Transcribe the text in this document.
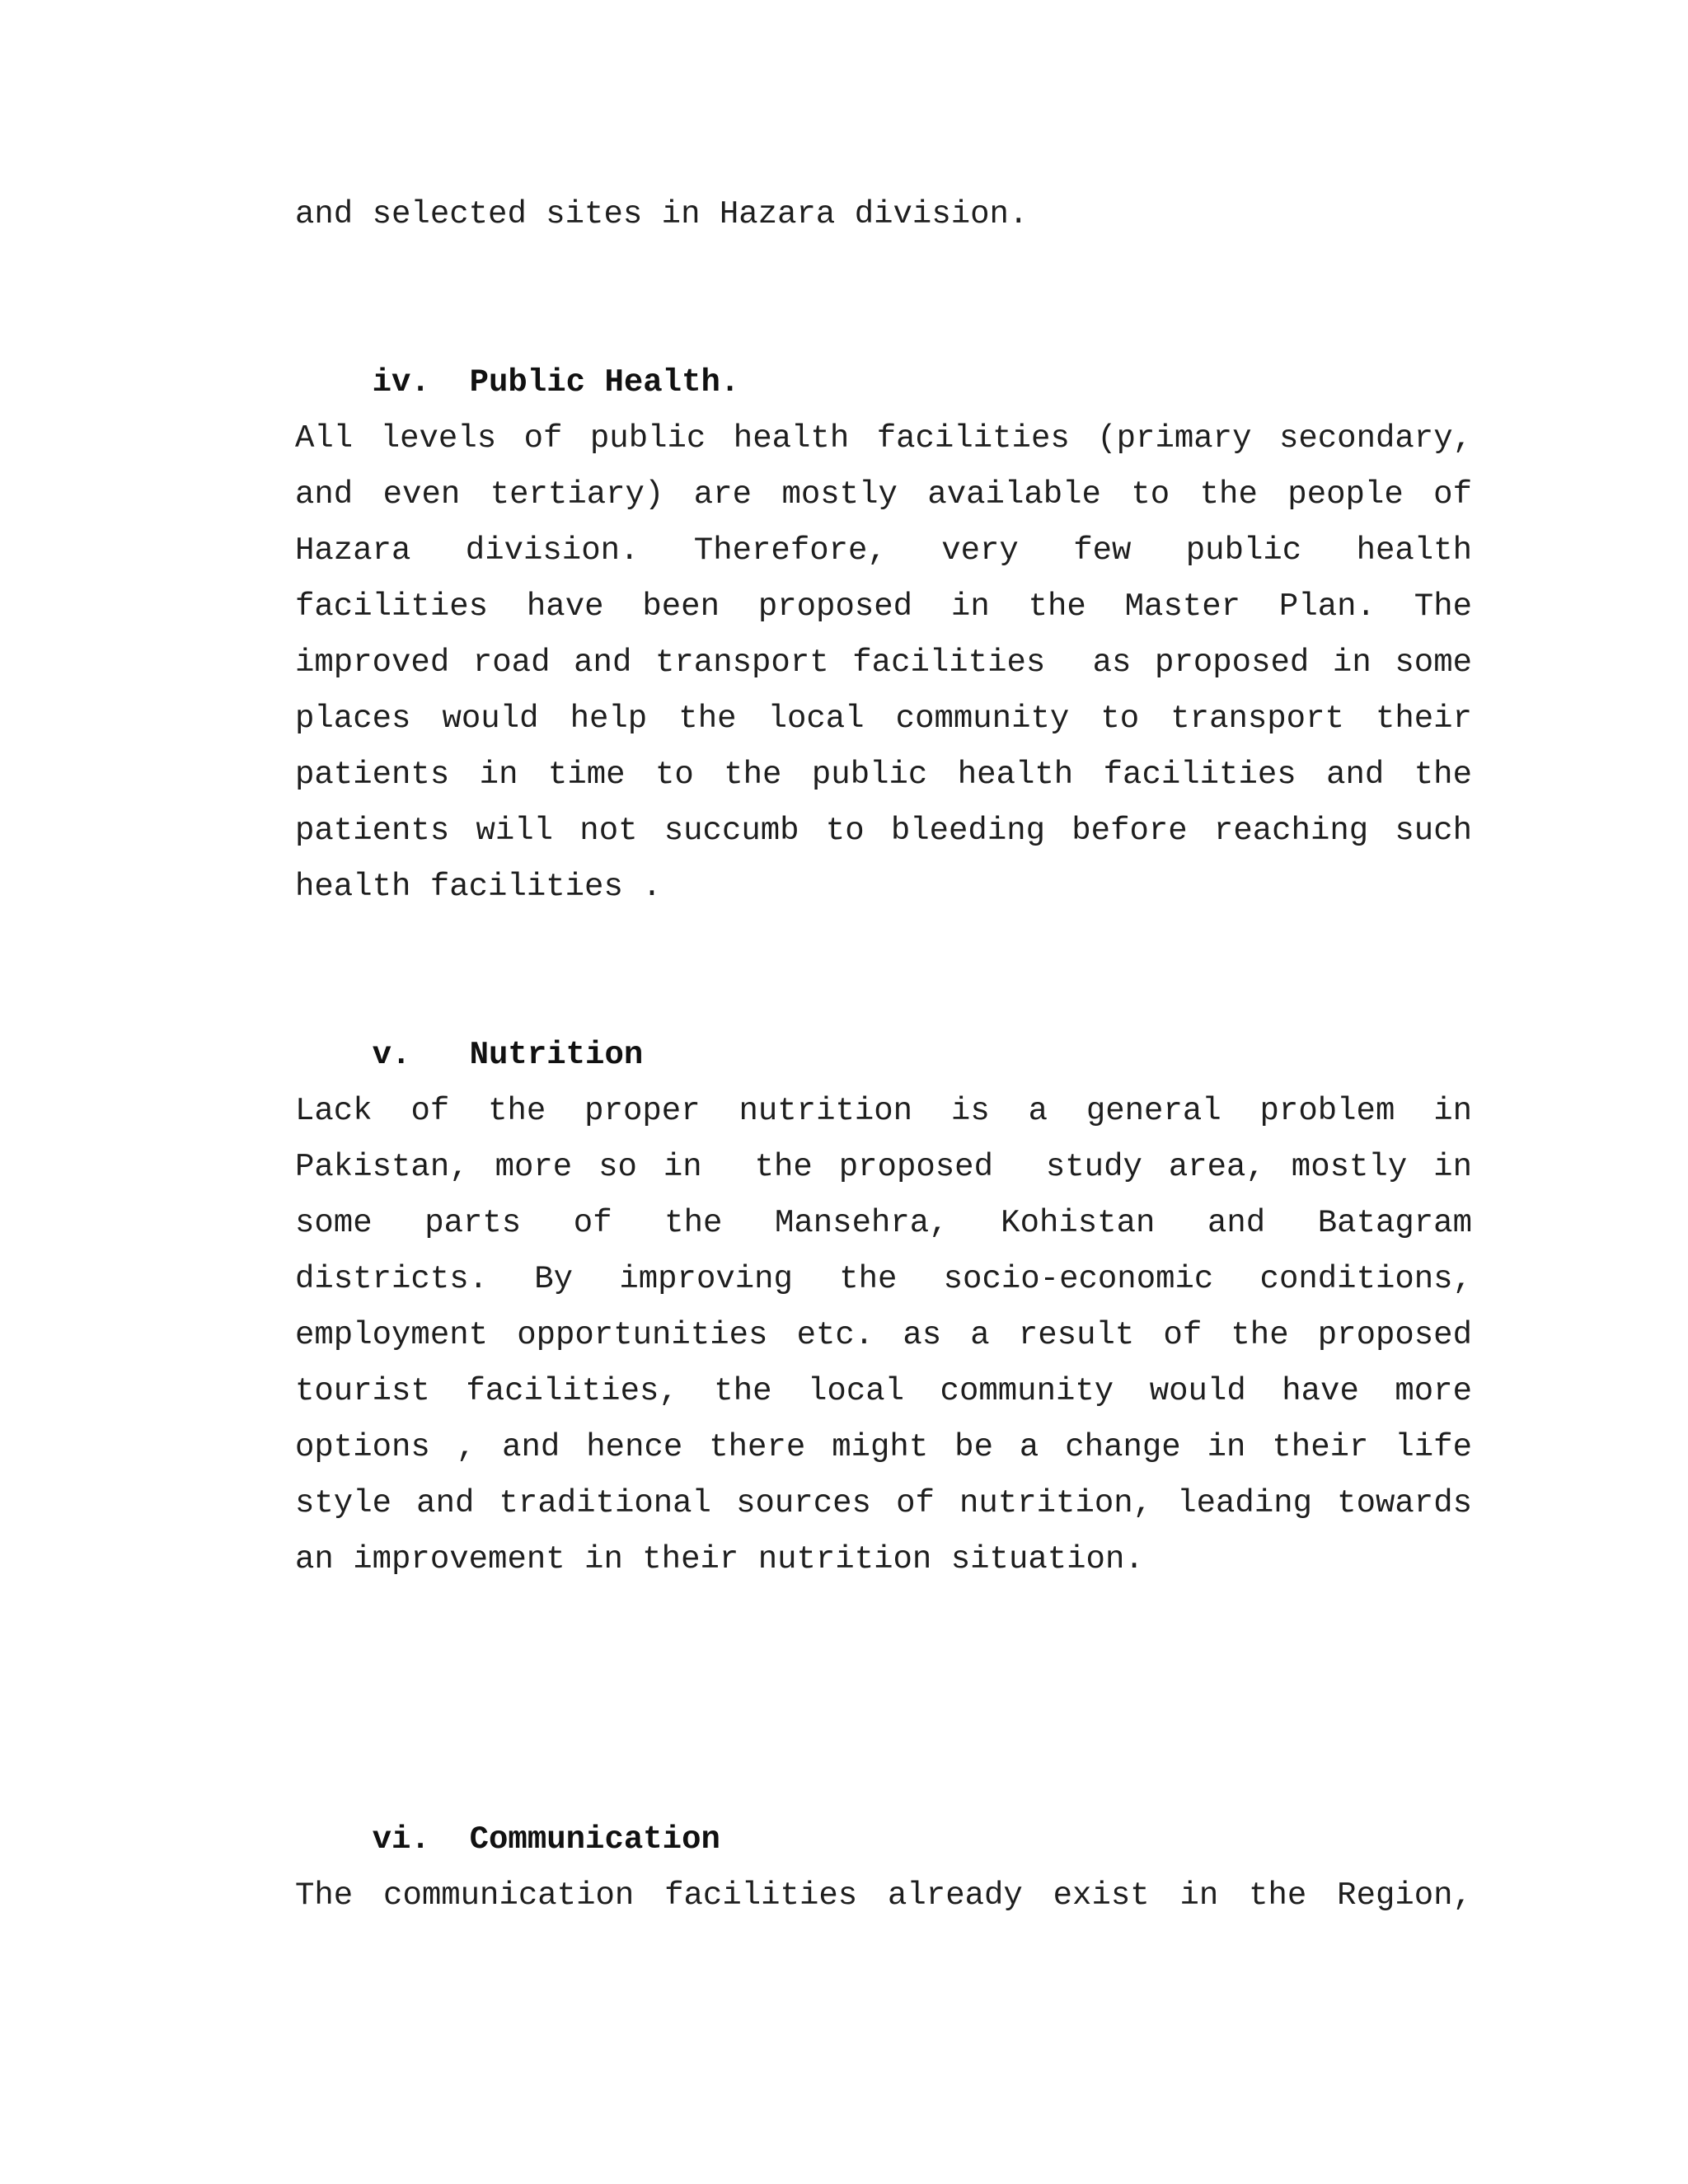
and selected sites in Hazara division.

iv. Public Health.

All levels of public health facilities (primary secondary,
and even tertiary) are mostly available to the people of
Hazara division. Therefore, very few public health
facilities have been proposed in the Master Plan. The
improved road and transport facilities  as proposed in some
places would help the local community to transport their
patients in time to the public health facilities and the
patients will not succumb to bleeding before reaching such
health facilities .

v. Nutrition

Lack of the proper nutrition is a general problem in
Pakistan, more so in  the proposed  study area, mostly in
some parts of the Mansehra, Kohistan and Batagram
districts. By improving the socio-economic conditions,
employment opportunities etc. as a result of the proposed
tourist facilities, the local community would have more
options , and hence there might be a change in their life
style and traditional sources of nutrition, leading towards
an improvement in their nutrition situation.

vi. Communication

The communication facilities already exist in the Region,
